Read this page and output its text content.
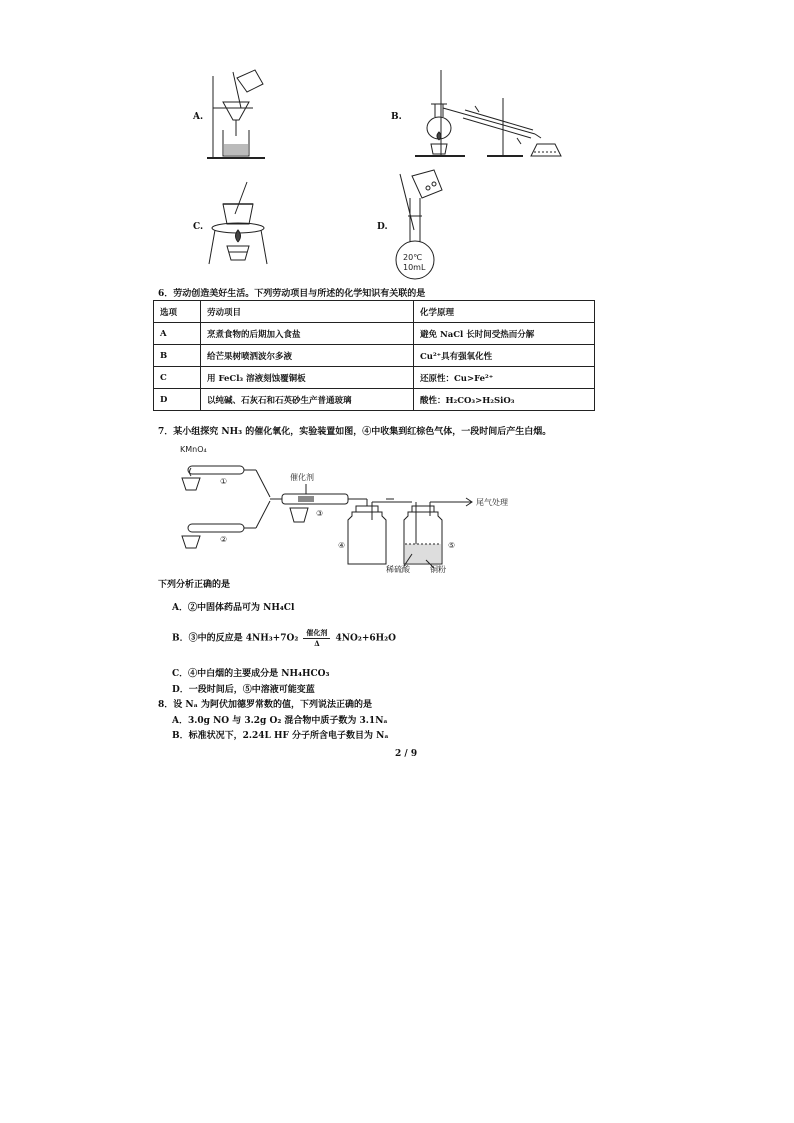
A.	B.
C.	D.
20℃
10mL
6．劳动创造美好生活。下列劳动项目与所述的化学知识有关联的是
选项	劳动项目	化学原理
A	烹煮食物的后期加入食盐	避免 NaCl 长时间受热而分解
B	给芒果树喷洒波尔多液	Cu²⁺具有强氧化性
C	用 FeCl₃ 溶液刻蚀覆铜板	还原性：Cu>Fe²⁺
D	以纯碱、石灰石和石英砂生产普通玻璃	酸性：H₂CO₃>H₂SiO₃
7．某小组探究 NH₃ 的催化氧化，实验装置如图，④中收集到红棕色气体，一段时间后产生白烟。
KMnO₄
①
②
催化剂
③
④	⑤
尾气处理
稀硫酸	铜粉
下列分析正确的是
A．②中固体药品可为 NH₄Cl
B．③中的反应是 $4NH_3+7O_2 \frac{\text{催化剂}}{\Delta} 4NO_2+6H_2O$
C．④中白烟的主要成分是 NH₄HCO₃
D．一段时间后，⑤中溶液可能变蓝
8．设 Nₐ 为阿伏加德罗常数的值，下列说法正确的是
A．3.0g NO 与 3.2g O₂ 混合物中质子数为 3.1Nₐ
B．标准状况下，2.24L HF 分子所含电子数目为 Nₐ
2 / 9
